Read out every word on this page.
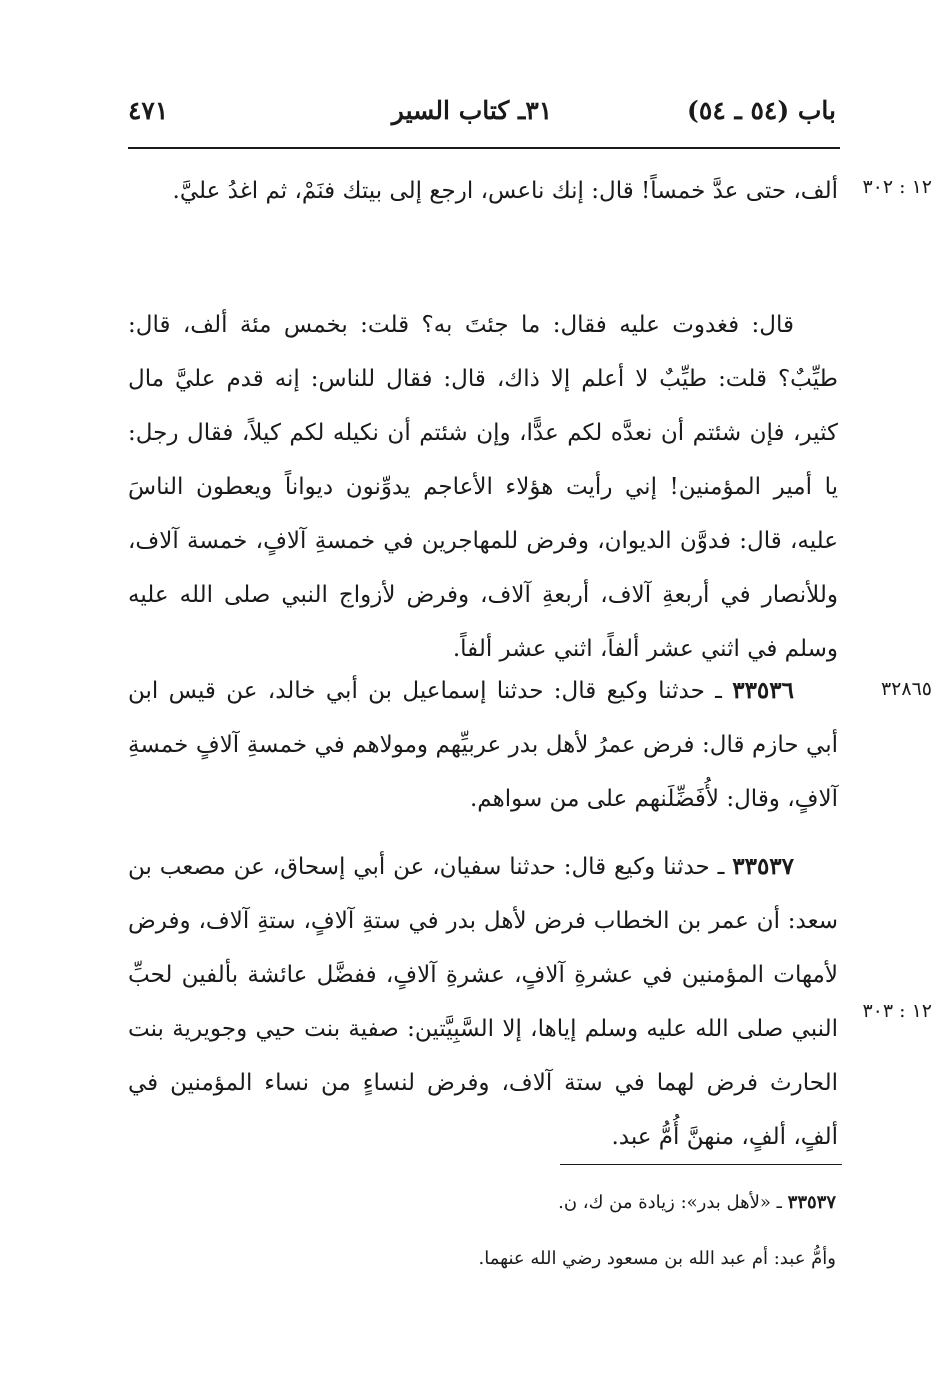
باب (٥٤ ـ ٥٤)
٣١ـ كتاب السير
٤٧١
١٢ : ٣٠٢
٣٢٨٦٥
١٢ : ٣٠٣
ألف، حتى عدَّ خمساً! قال: إنك ناعس، ارجع إلى بيتك فنَمْ، ثم اغدُ عليَّ.
قال: فغدوت عليه فقال: ما جئتَ به؟ قلت: بخمس مئة ألف، قال: طيِّبٌ؟ قلت: طيِّبٌ لا أعلم إلا ذاك، قال: فقال للناس: إنه قدم عليَّ مال كثير، فإن شئتم أن نعدَّه لكم عدًّا، وإن شئتم أن نكيله لكم كيلاً، فقال رجل: يا أمير المؤمنين! إني رأيت هؤلاء الأعاجم يدوِّنون ديواناً ويعطون الناسَ عليه، قال: فدوَّن الديوان، وفرض للمهاجرين في خمسةِ آلافٍ، خمسة آلاف، وللأنصار في أربعةِ آلاف، أربعةِ آلاف، وفرض لأزواج النبي صلى الله عليه وسلم في اثني عشر ألفاً، اثني عشر ألفاً.
٣٣٥٣٦ ـ حدثنا وكيع قال: حدثنا إسماعيل بن أبي خالد، عن قيس ابن أبي حازم قال: فرض عمرُ لأهل بدر عربيِّهم ومولاهم في خمسةِ آلافٍ خمسةِ آلافٍ، وقال: لأُفَضِّلَنهم على من سواهم.
٣٣٥٣٧ ـ حدثنا وكيع قال: حدثنا سفيان، عن أبي إسحاق، عن مصعب بن سعد: أن عمر بن الخطاب فرض لأهل بدر في ستةِ آلافٍ، ستةِ آلاف، وفرض لأمهات المؤمنين في عشرةِ آلافٍ، عشرةِ آلافٍ، ففضَّل عائشة بألفين لحبِّ النبي صلى الله عليه وسلم إياها، إلا السَّبِيَّتين: صفية بنت حيي وجويرية بنت الحارث فرض لهما في ستة آلاف، وفرض لنساءٍ من نساء المؤمنين في ألفٍ، ألفٍ، منهنَّ أُمُّ عبد.
٣٣٥٣٧ ـ «لأهل بدر»: زيادة من ك، ن.
وأمُّ عبد: أم عبد الله بن مسعود رضي الله عنهما.
